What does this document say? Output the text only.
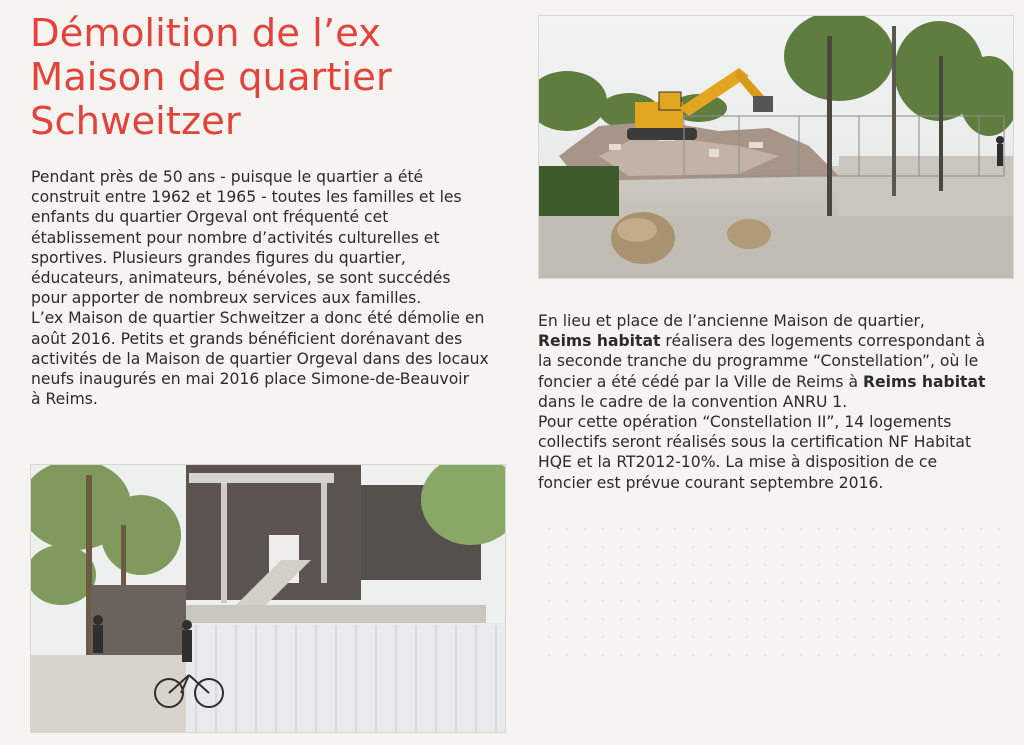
Démolition de l’ex
Maison de quartier
Schweitzer

Pendant près de 50 ans - puisque le quartier a été

construit entre 1962 et 1965 - toutes les familles et les

enfants du quartier Orgeval ont fréquenté cet

établissement pour nombre d’activités culturelles et

sportives. Plusieurs grandes figures du quartier,

éducateurs, animateurs, bénévoles, se sont succédés

pour apporter de nombreux services aux familles.

L’ex Maison de quartier Schweitzer a donc été démolie en

août 2016. Petits et grands bénéficient dorénavant des

activités de la Maison de quartier Orgeval dans des locaux

neufs inaugurés en mai 2016 place Simone-de-Beauvoir

à Reims.

En lieu et place de l’ancienne Maison de quartier,

Reims habitat réalisera des logements correspondant à

la seconde tranche du programme “Constellation”, où le

foncier a été cédé par la Ville de Reims à Reims habitat

dans le cadre de la convention ANRU 1.

Pour cette opération “Constellation II”, 14 logements

collectifs seront réalisés sous la certification NF Habitat

HQE et la RT2012-10%. La mise à disposition de ce

foncier est prévue courant septembre 2016.
